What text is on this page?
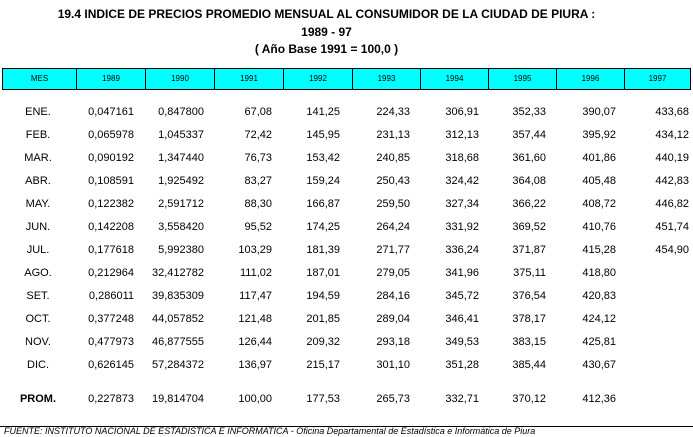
19.4 INDICE DE PRECIOS PROMEDIO MENSUAL AL CONSUMIDOR DE LA CIUDAD DE PIURA :
1989 - 97
( Año Base 1991 = 100,0 )
MES	1989	1990	1991	1992	1993	1994	1995	1996	1997
ENE.	0,047161 0,847800	67,08	141,25	224,33	306,91	352,33	390,07	433,68
FEB.	0,065978 1,045337	72,42	145,95	231,13	312,13	357,44	395,92	434,12
MAR.	0,090192 1,347440	76,73	153,42	240,85	318,68	361,60	401,86	440,19
ABR.	0,108591 1,925492	83,27	159,24	250,43	324,42	364,08	405,48	442,83
MAY.	0,122382 2,591712	88,30	166,87	259,50	327,34	366,22	408,72	446,82
JUN.	0,142208 3,558420	95,52	174,25	264,24	331,92	369,52	410,76	451,74
JUL.	0,177618 5,992380	103,29	181,39	271,77	336,24	371,87	415,28	454,90
AGO.	0,212964 32,412782	111,02	187,01	279,05	341,96	375,11	418,80
SET.	0,286011 39,835309	117,47	194,59	284,16	345,72	376,54	420,83
OCT.	0,377248 44,057852	121,48	201,85	289,04	346,41	378,17	424,12
NOV.	0,477973 46,877555	126,44	209,32	293,18	349,53	383,15	425,81
DIC.	0,626145 57,284372	136,97	215,17	301,10	351,28	385,44	430,67
PROM.	0,227873 19,814704	100,00	177,53	265,73	332,71	370,12	412,36
FUENTE: INSTITUTO NACIONAL DE ESTADISTICA E INFORMATICA - Oficina Departamental de Estadística e Informática de Piura
